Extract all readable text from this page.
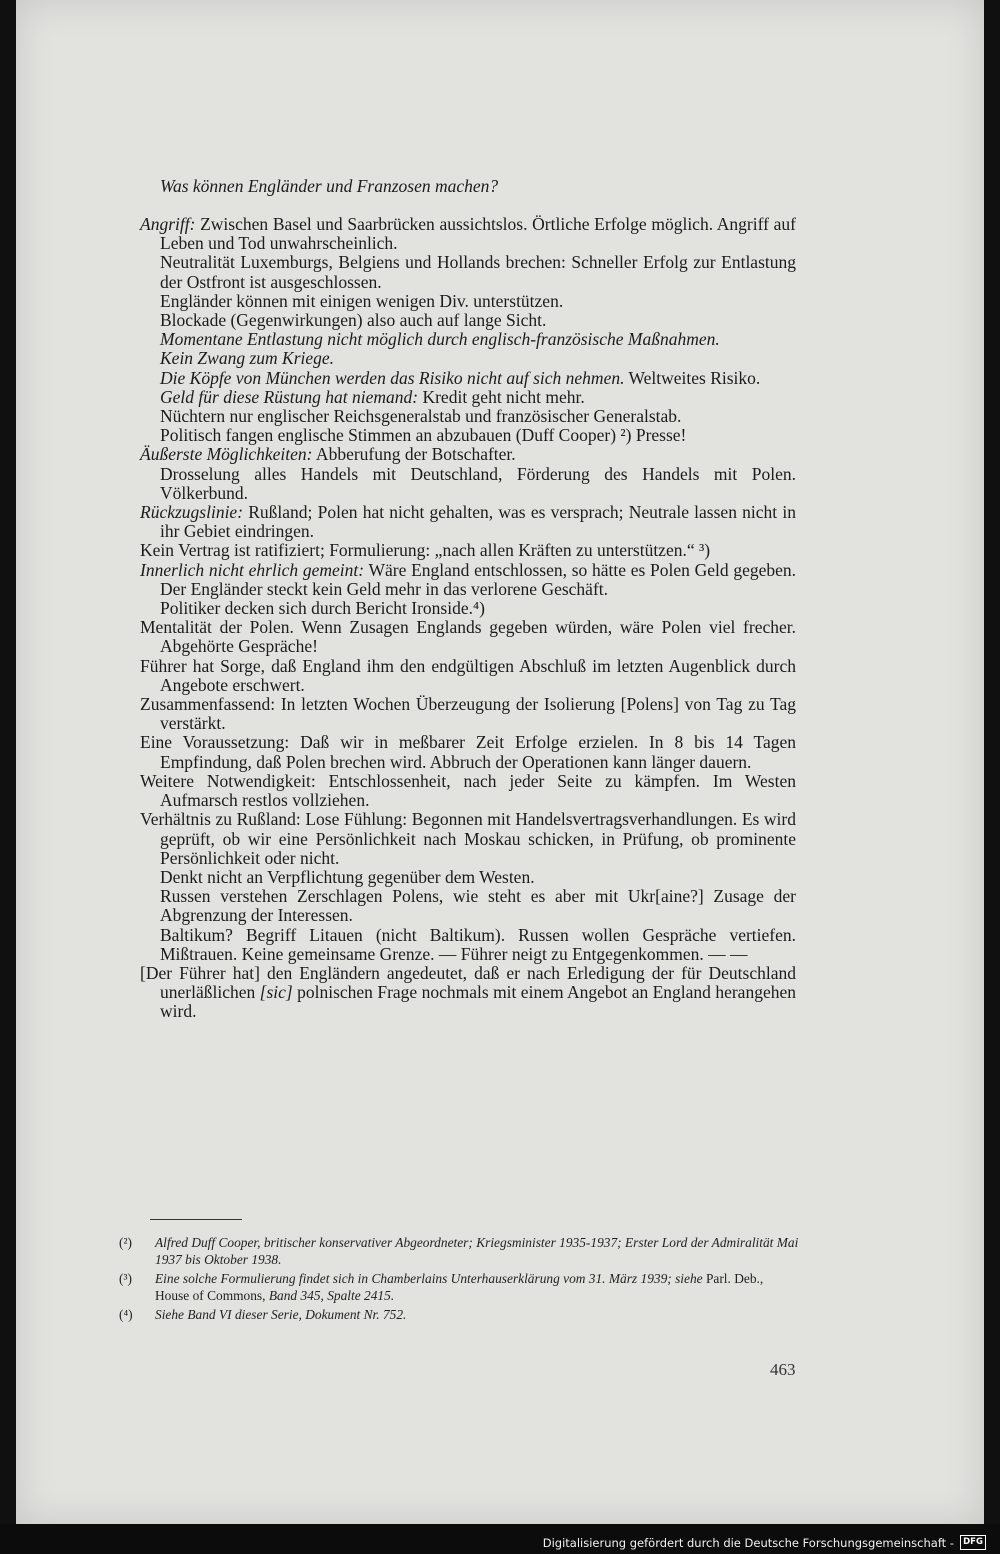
Was können Engländer und Franzosen machen?

Angriff: Zwischen Basel und Saarbrücken aussichtslos. Örtliche Erfolge möglich. Angriff auf Leben und Tod unwahrscheinlich.

Neutralität Luxemburgs, Belgiens und Hollands brechen: Schneller Erfolg zur Entlastung der Ostfront ist ausgeschlossen.

Engländer können mit einigen wenigen Div. unterstützen.

Blockade (Gegenwirkungen) also auch auf lange Sicht.

Momentane Entlastung nicht möglich durch englisch-französische Maßnahmen.

Kein Zwang zum Kriege.

Die Köpfe von München werden das Risiko nicht auf sich nehmen. Weltweites Risiko.

Geld für diese Rüstung hat niemand: Kredit geht nicht mehr.

Nüchtern nur englischer Reichsgeneralstab und französischer Generalstab.

Politisch fangen englische Stimmen an abzubauen (Duff Cooper) ²) Presse!

Äußerste Möglichkeiten: Abberufung der Botschafter.

Drosselung alles Handels mit Deutschland, Förderung des Handels mit Polen. Völkerbund.

Rückzugslinie: Rußland; Polen hat nicht gehalten, was es versprach; Neutrale lassen nicht in ihr Gebiet eindringen.

Kein Vertrag ist ratifiziert; Formulierung: „nach allen Kräften zu unterstützen.“ ³)

Innerlich nicht ehrlich gemeint: Wäre England entschlossen, so hätte es Polen Geld gegeben. Der Engländer steckt kein Geld mehr in das verlorene Geschäft.

Politiker decken sich durch Bericht Ironside.⁴)

Mentalität der Polen. Wenn Zusagen Englands gegeben würden, wäre Polen viel frecher. Abgehörte Gespräche!

Führer hat Sorge, daß England ihm den endgültigen Abschluß im letzten Augenblick durch Angebote erschwert.

Zusammenfassend: In letzten Wochen Überzeugung der Isolierung [Polens] von Tag zu Tag verstärkt.

Eine Voraussetzung: Daß wir in meßbarer Zeit Erfolge erzielen. In 8 bis 14 Tagen Empfindung, daß Polen brechen wird. Abbruch der Operationen kann länger dauern.

Weitere Notwendigkeit: Entschlossenheit, nach jeder Seite zu kämpfen. Im Westen Aufmarsch restlos vollziehen.

Verhältnis zu Rußland: Lose Fühlung: Begonnen mit Handelsvertragsverhandlungen. Es wird geprüft, ob wir eine Persönlichkeit nach Moskau schicken, in Prüfung, ob prominente Persönlichkeit oder nicht.

Denkt nicht an Verpflichtung gegenüber dem Westen.

Russen verstehen Zerschlagen Polens, wie steht es aber mit Ukr[aine?] Zusage der Abgrenzung der Interessen.

Baltikum? Begriff Litauen (nicht Baltikum). Russen wollen Gespräche vertiefen. Mißtrauen. Keine gemeinsame Grenze. — Führer neigt zu Entgegenkommen. — —

[Der Führer hat] den Engländern angedeutet, daß er nach Erledigung der für Deutschland unerläßlichen [sic] polnischen Frage nochmals mit einem Angebot an England herangehen wird.

(²) Alfred Duff Cooper, britischer konservativer Abgeordneter; Kriegsminister 1935-1937; Erster Lord der Admiralität Mai 1937 bis Oktober 1938.

(³) Eine solche Formulierung findet sich in Chamberlains Unterhauserklärung vom 31. März 1939; siehe Parl. Deb., House of Commons, Band 345, Spalte 2415.

(⁴) Siehe Band VI dieser Serie, Dokument Nr. 752.

463
Digitalisierung gefördert durch die Deutsche Forschungsgemeinschaft -	DFG
